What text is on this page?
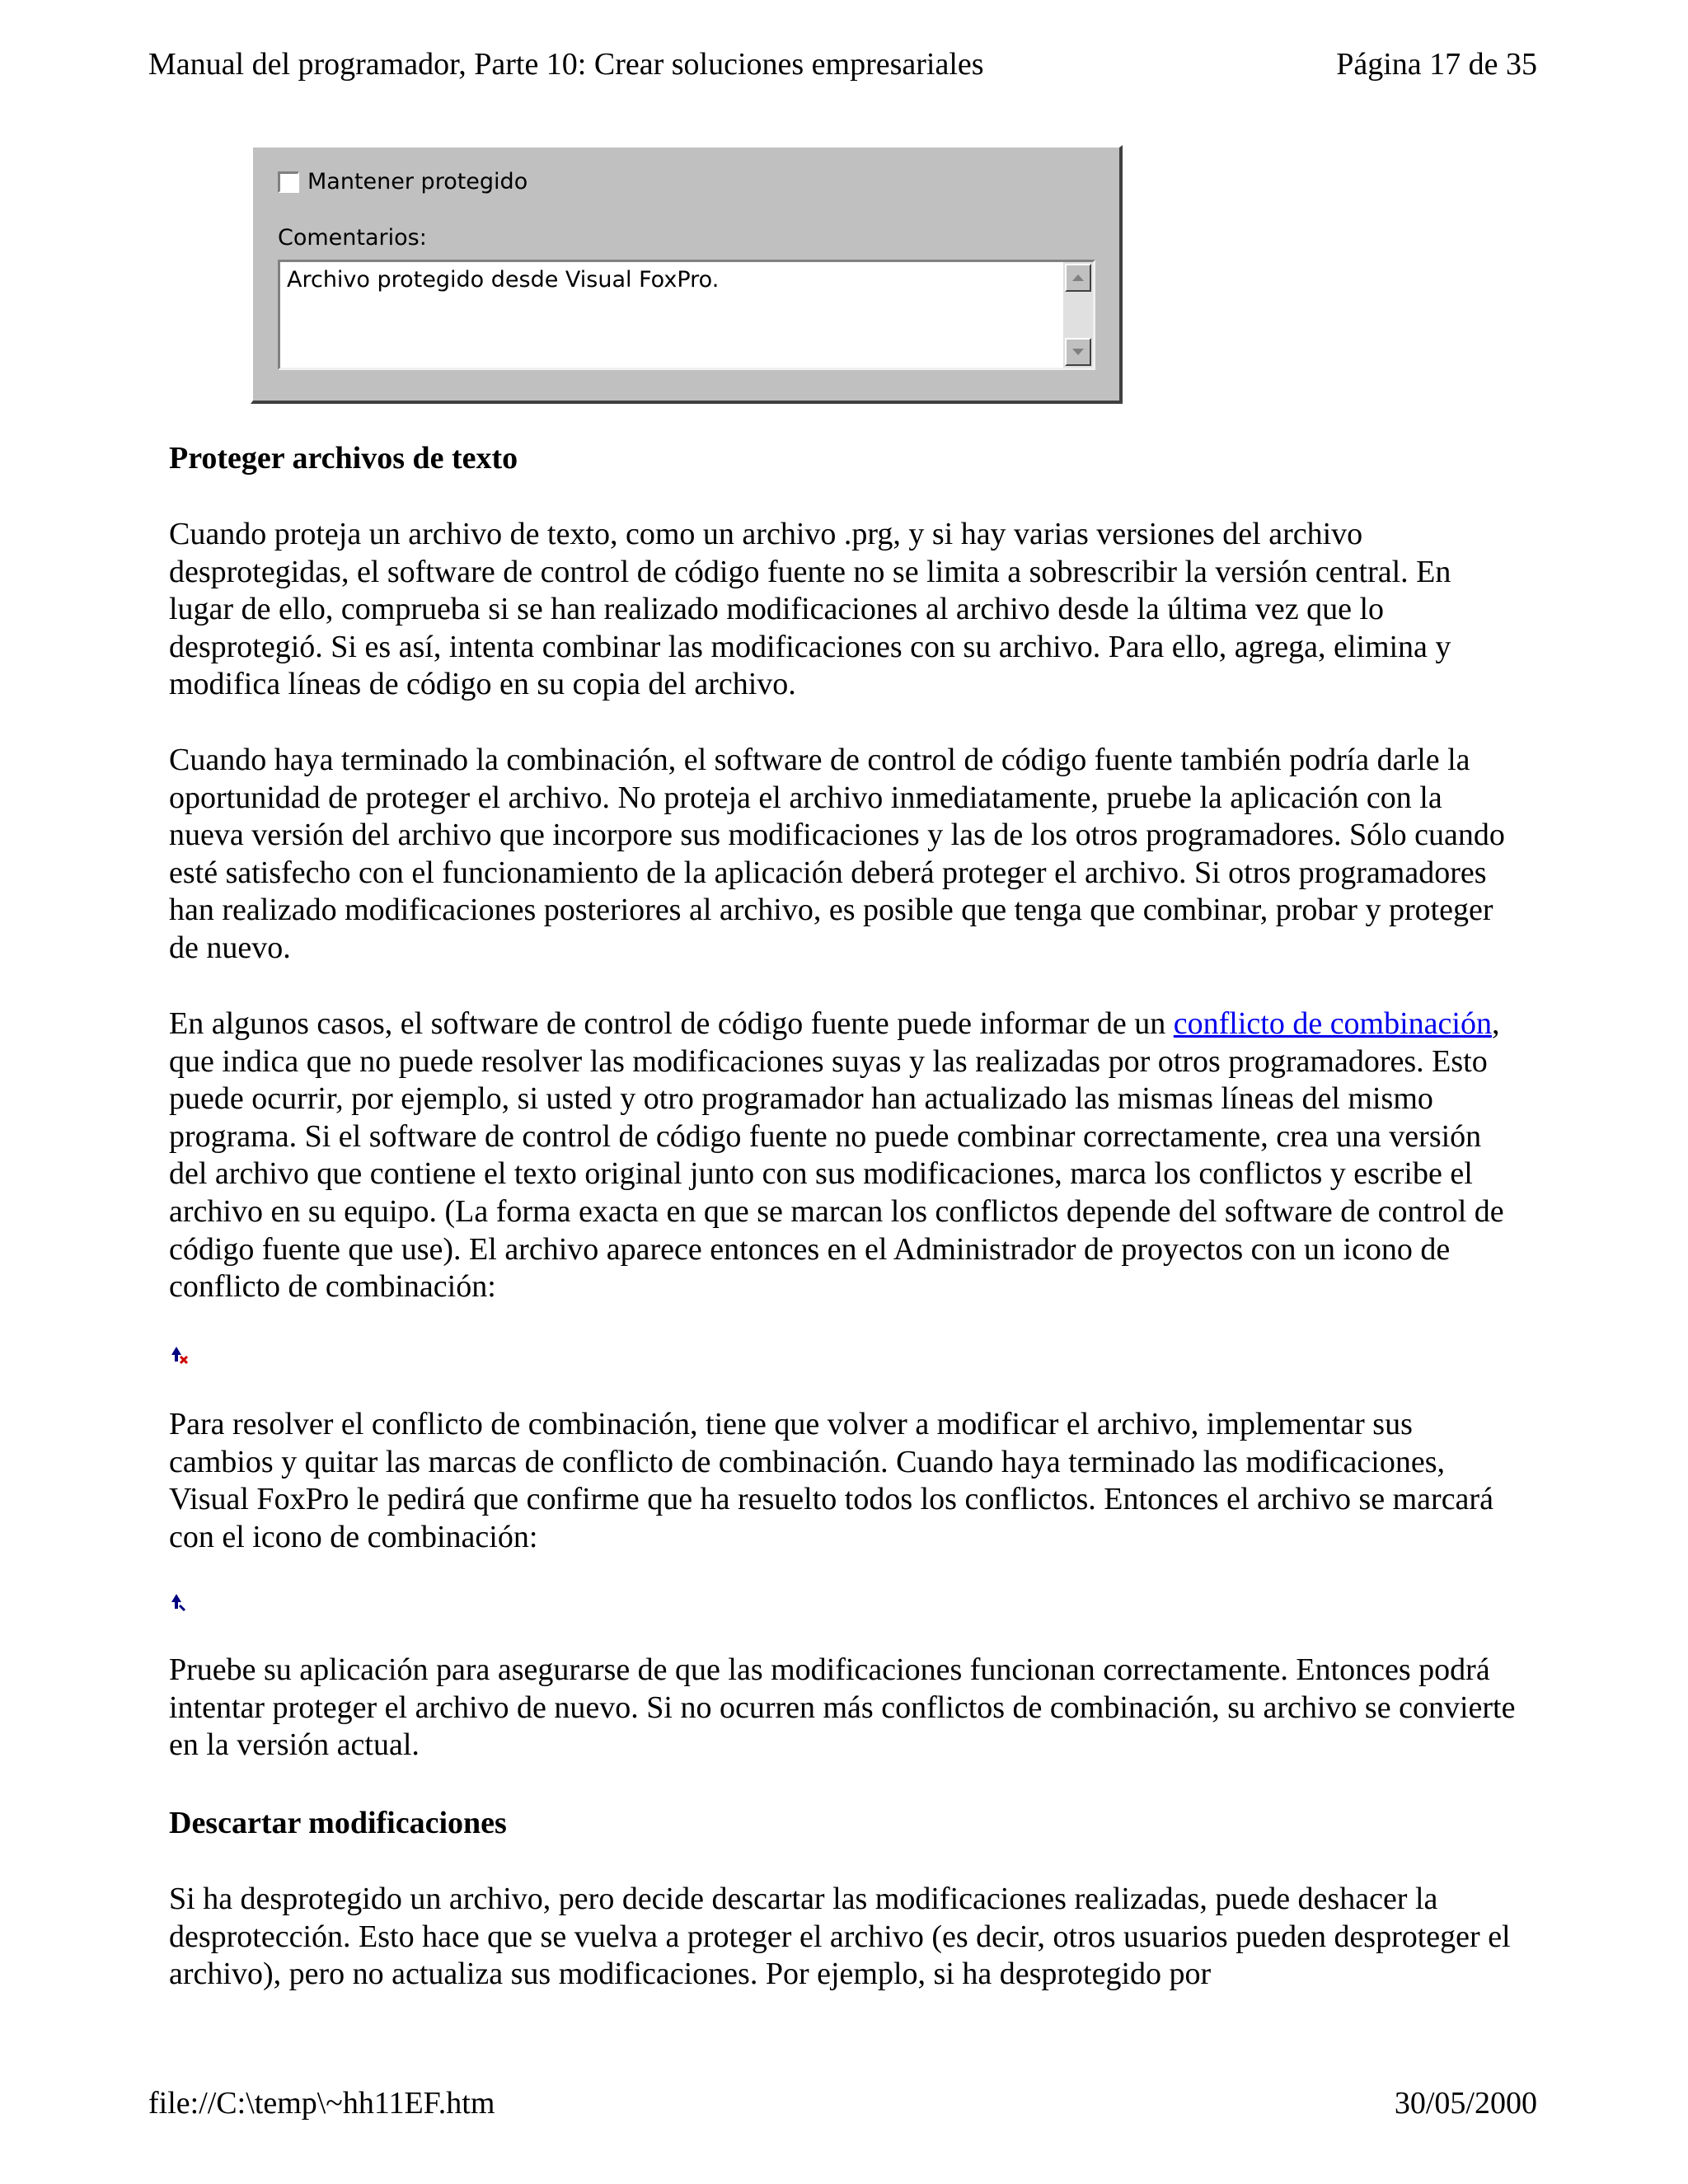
Manual del programador, Parte 10: Crear soluciones empresariales	Página 17 de 35
Mantener protegido
Comentarios:
Archivo protegido desde Visual FoxPro.
Proteger archivos de texto

Cuando proteja un archivo de texto, como un archivo .prg, y si hay varias versiones del archivo desprotegidas, el software de control de código fuente no se limita a sobrescribir la versión central. En lugar de ello, comprueba si se han realizado modificaciones al archivo desde la última vez que lo desprotegió. Si es así, intenta combinar las modificaciones con su archivo. Para ello, agrega, elimina y modifica líneas de código en su copia del archivo.

Cuando haya terminado la combinación, el software de control de código fuente también podría darle la oportunidad de proteger el archivo. No proteja el archivo inmediatamente, pruebe la aplicación con la nueva versión del archivo que incorpore sus modificaciones y las de los otros programadores. Sólo cuando esté satisfecho con el funcionamiento de la aplicación deberá proteger el archivo. Si otros programadores han realizado modificaciones posteriores al archivo, es posible que tenga que combinar, probar y proteger de nuevo.

En algunos casos, el software de control de código fuente puede informar de un conflicto de combinación, que indica que no puede resolver las modificaciones suyas y las realizadas por otros programadores. Esto puede ocurrir, por ejemplo, si usted y otro programador han actualizado las mismas líneas del mismo programa. Si el software de control de código fuente no puede combinar correctamente, crea una versión del archivo que contiene el texto original junto con sus modificaciones, marca los conflictos y escribe el archivo en su equipo. (La forma exacta en que se marcan los conflictos depende del software de control de código fuente que use). El archivo aparece entonces en el Administrador de proyectos con un icono de conflicto de combinación:

Para resolver el conflicto de combinación, tiene que volver a modificar el archivo, implementar sus cambios y quitar las marcas de conflicto de combinación. Cuando haya terminado las modificaciones, Visual FoxPro le pedirá que confirme que ha resuelto todos los conflictos. Entonces el archivo se marcará con el icono de combinación:

Pruebe su aplicación para asegurarse de que las modificaciones funcionan correctamente. Entonces podrá intentar proteger el archivo de nuevo. Si no ocurren más conflictos de combinación, su archivo se convierte en la versión actual.

Descartar modificaciones

Si ha desprotegido un archivo, pero decide descartar las modificaciones realizadas, puede deshacer la desprotección. Esto hace que se vuelva a proteger el archivo (es decir, otros usuarios pueden desproteger el archivo), pero no actualiza sus modificaciones. Por ejemplo, si ha desprotegido por

file://C:\temp\~hh11EF.htm	30/05/2000
